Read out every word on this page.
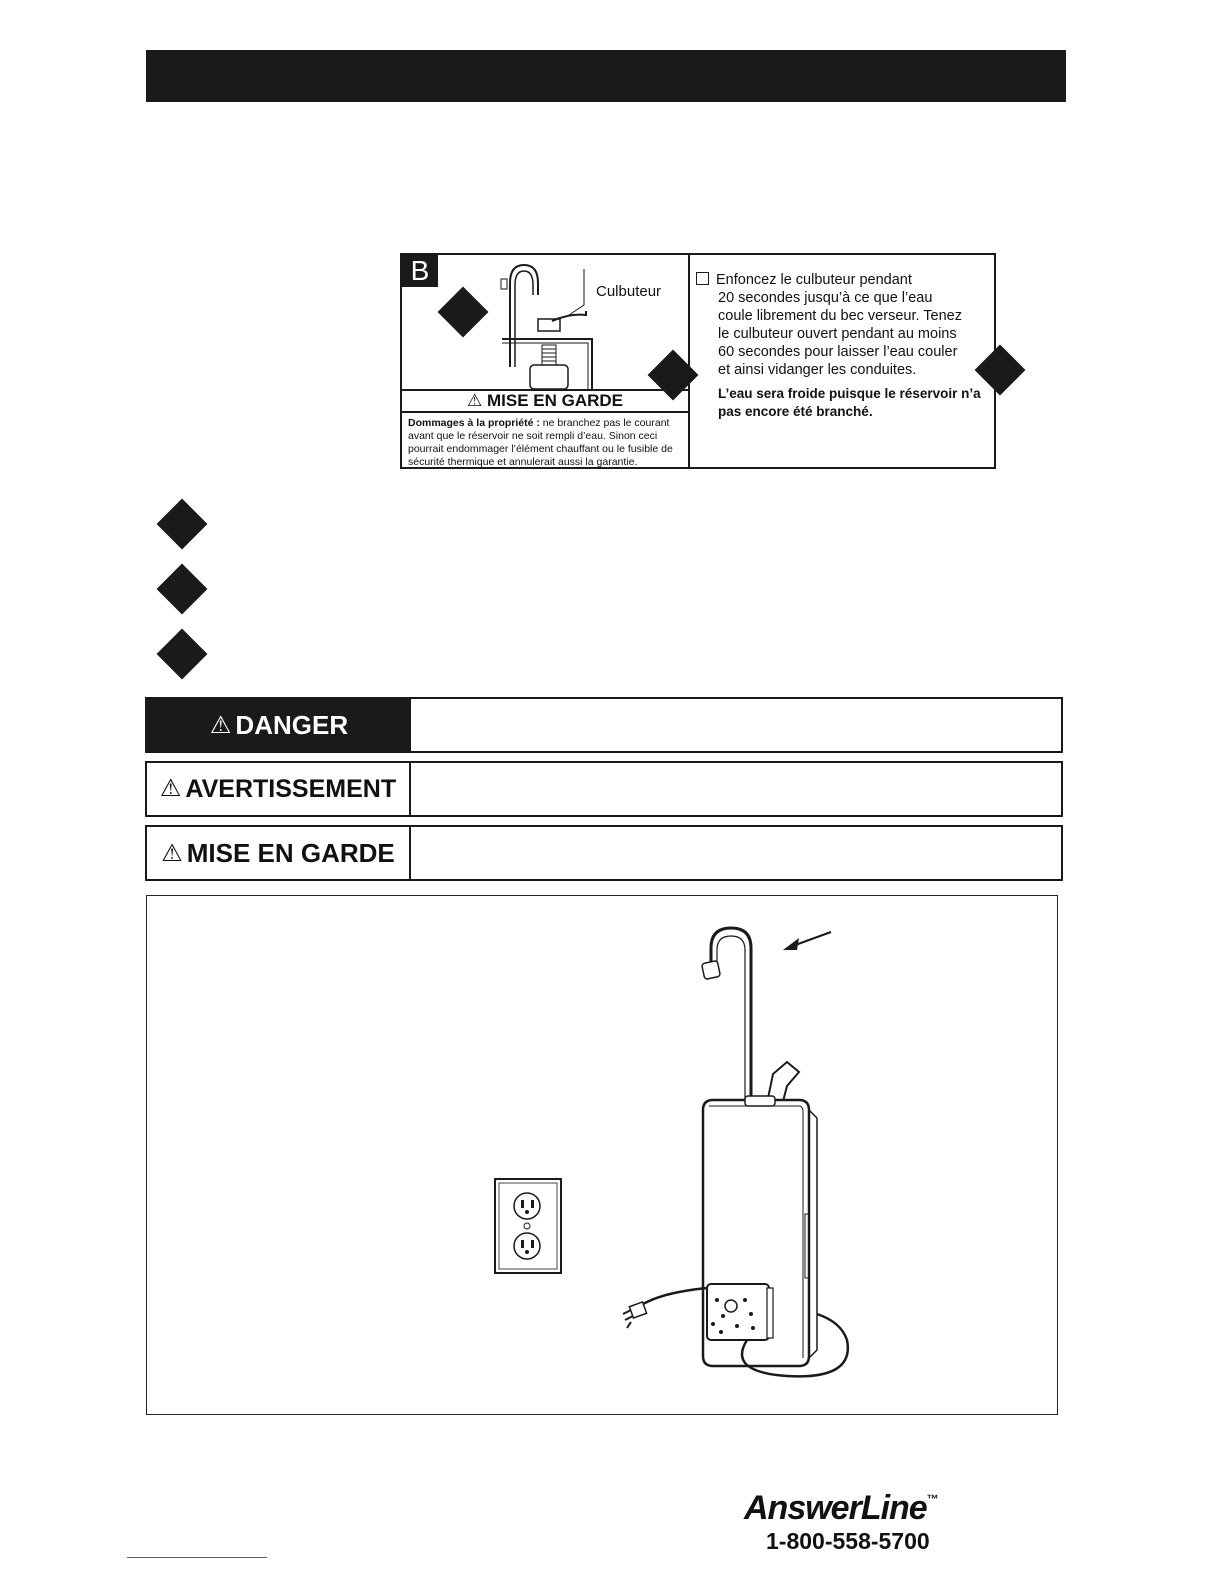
B
Culbuteur
⚠ MISE EN GARDE
Dommages à la propriété : ne branchez pas le courant avant que le réservoir ne soit rempli d’eau. Sinon ceci pourrait endommager l’élément chauffant ou le fusible de sécurité thermique et annulerait aussi la garantie.
Enfoncez le culbuteur pendant
20 secondes jusqu’à ce que l’eau
coule librement du bec verseur. Tenez
le culbuteur ouvert pendant au moins
60 secondes pour laisser l’eau couler
et ainsi vidanger les conduites.
L’eau sera froide puisque le réservoir n’a
pas encore été branché.
⚠ DANGER
⚠ AVERTISSEMENT
⚠ MISE EN GARDE
AnswerLine™
1-800-558-5700
